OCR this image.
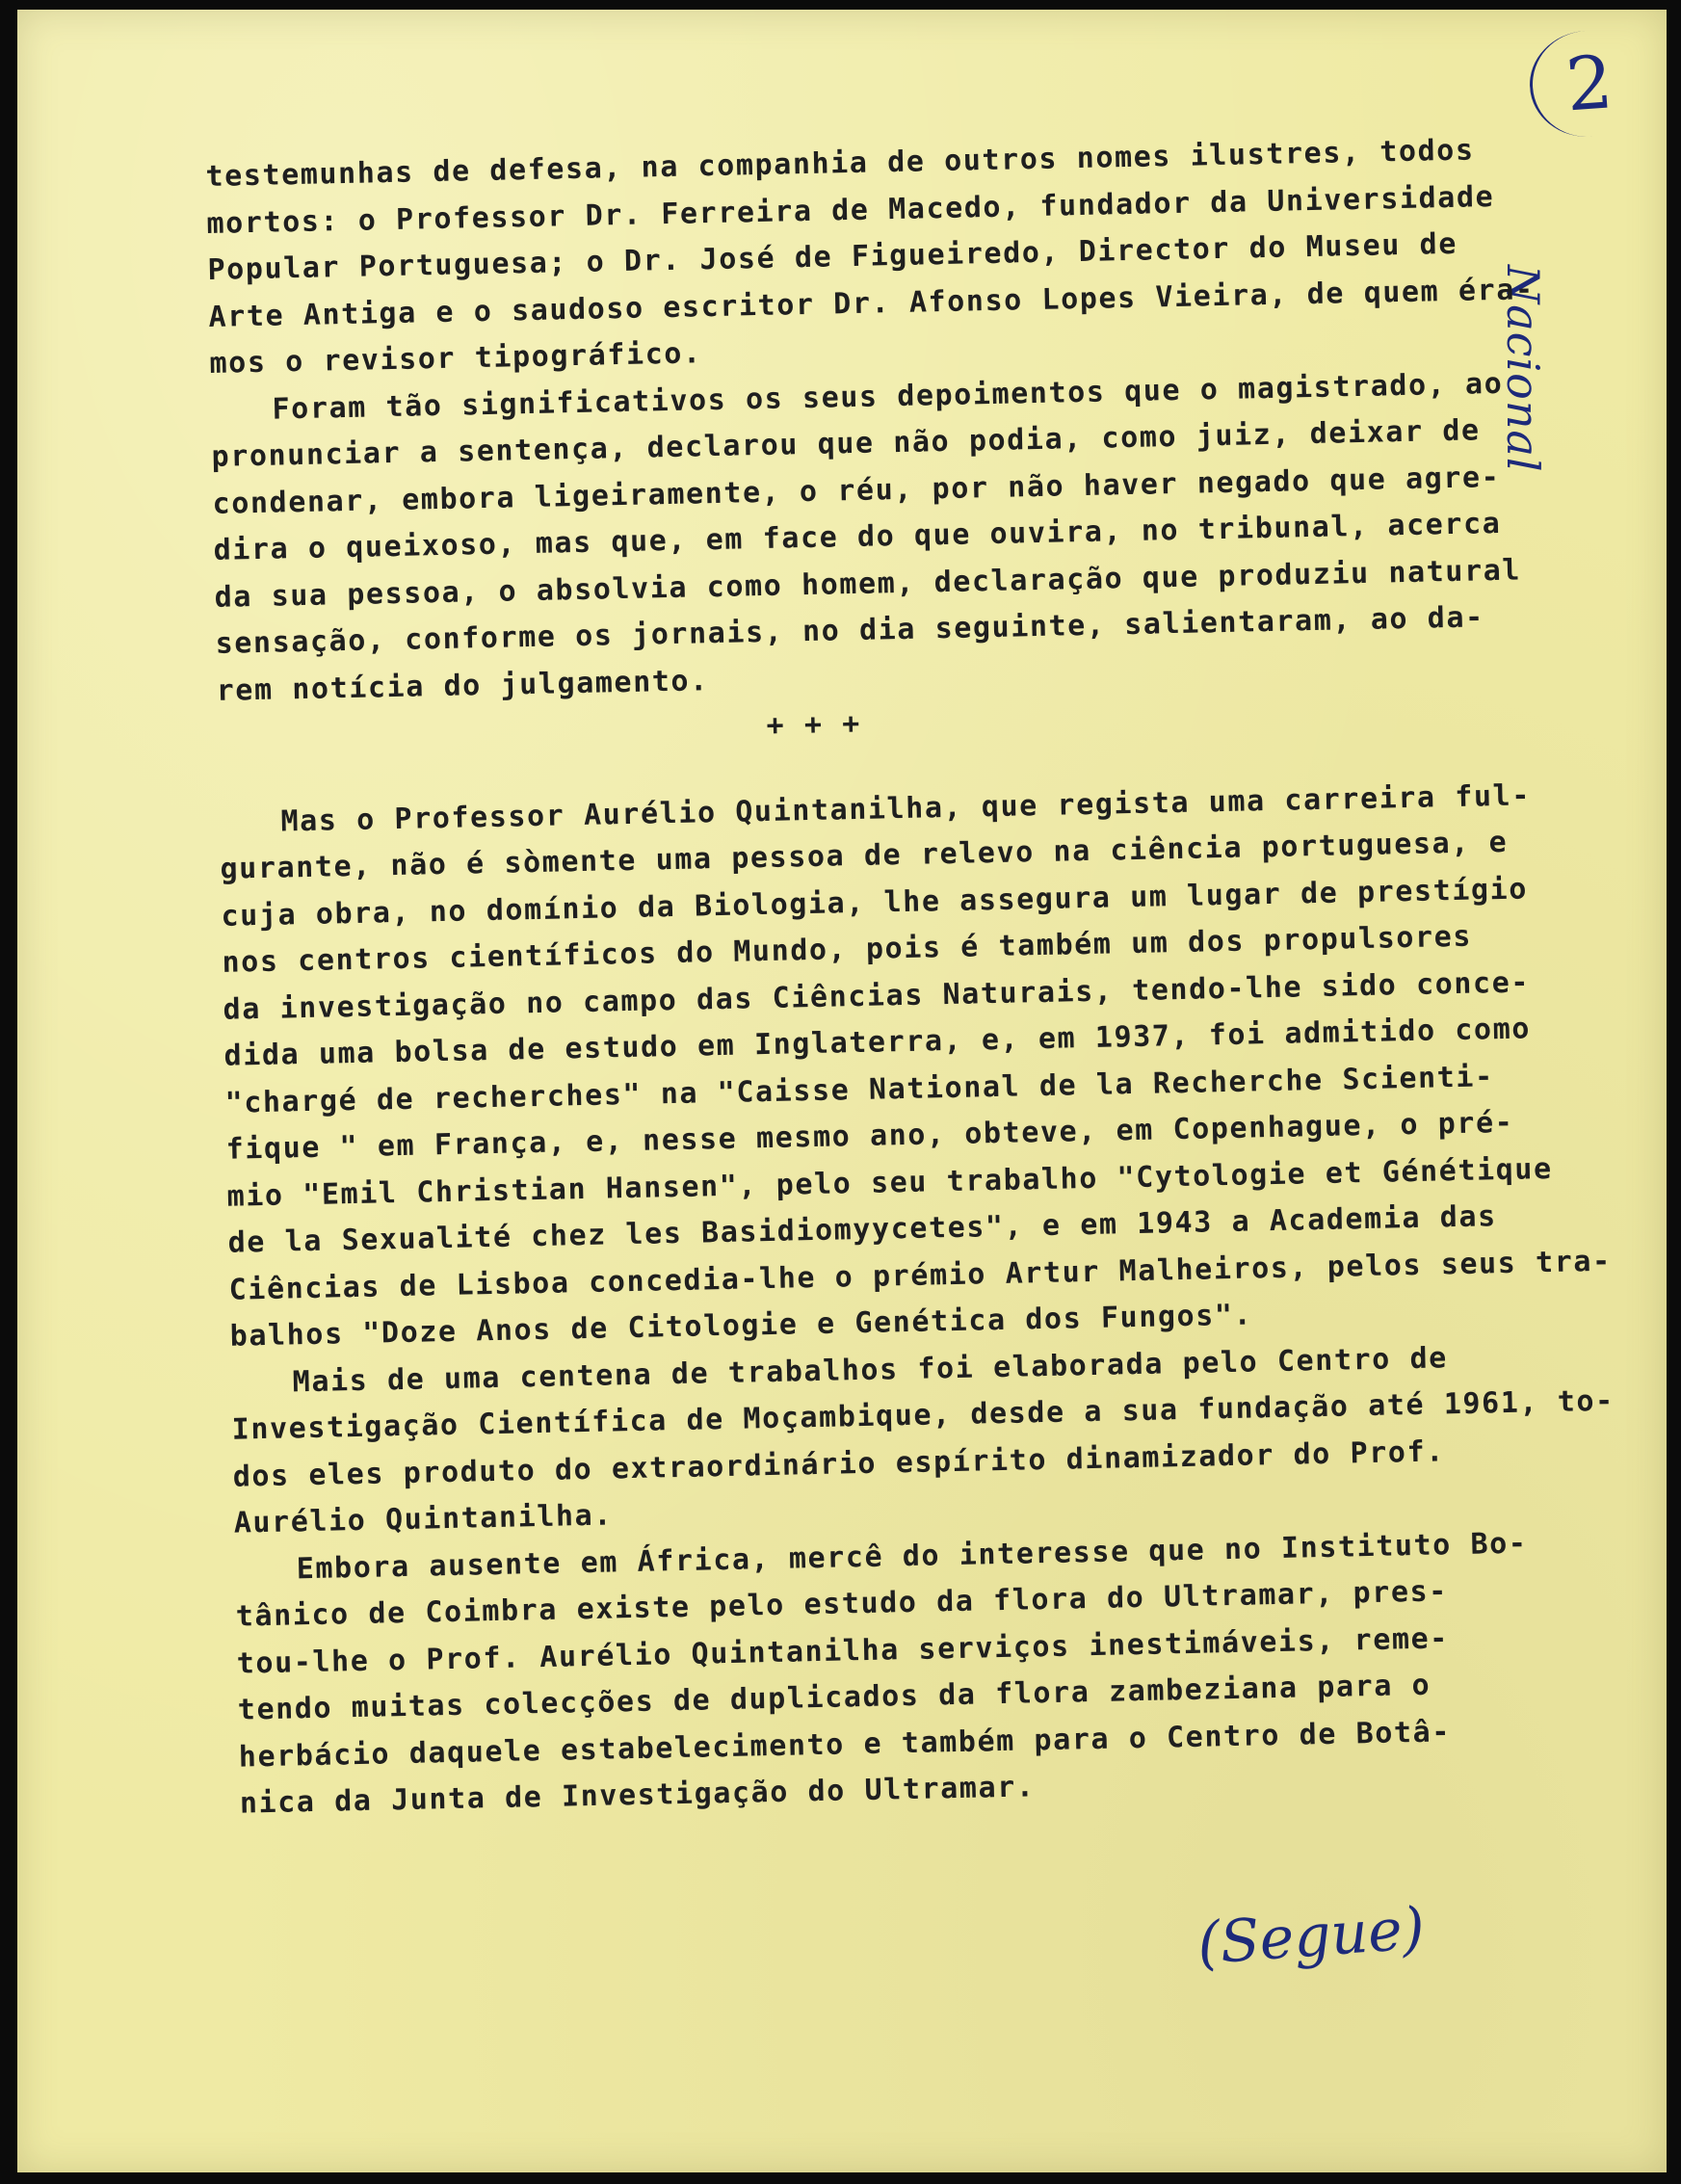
2
Nacional
testemunhas de defesa, na companhia de outros nomes ilustres, todos
mortos: o Professor Dr. Ferreira de Macedo, fundador da Universidade
Popular Portuguesa; o Dr. José de Figueiredo, Director do Museu de
Arte Antiga e o saudoso escritor Dr. Afonso Lopes Vieira, de quem éra-
mos o revisor tipográfico.
Foram tão significativos os seus depoimentos que o magistrado, ao
pronunciar a sentença, declarou que não podia, como juiz, deixar de
condenar, embora ligeiramente, o réu, por não haver negado que agre-
dira o queixoso, mas que, em face do que ouvira, no tribunal, acerca
da sua pessoa, o absolvia como homem, declaração que produziu natural
sensação, conforme os jornais, no dia seguinte, salientaram, ao da-
rem notícia do julgamento.
+ + +
Mas o Professor Aurélio Quintanilha, que regista uma carreira ful-
gurante, não é sòmente uma pessoa de relevo na ciência portuguesa, e
cuja obra, no domínio da Biologia, lhe assegura um lugar de prestígio
nos centros científicos do Mundo, pois é também um dos propulsores
da investigação no campo das Ciências Naturais, tendo-lhe sido conce-
dida uma bolsa de estudo em Inglaterra, e, em 1937, foi admitido como
"chargé de recherches" na "Caisse National de la Recherche Scienti-
fique " em França, e, nesse mesmo ano, obteve, em Copenhague, o pré-
mio "Emil Christian Hansen", pelo seu trabalho "Cytologie et Génétique
de la Sexualité chez les Basidiomyycetes", e em 1943 a Academia das
Ciências de Lisboa concedia-lhe o prémio Artur Malheiros, pelos seus tra-
balhos "Doze Anos de Citologie e Genética dos Fungos".
Mais de uma centena de trabalhos foi elaborada pelo Centro de
Investigação Científica de Moçambique, desde a sua fundação até 1961, to-
dos eles produto do extraordinário espírito dinamizador do Prof.
Aurélio Quintanilha.
Embora ausente em África, mercê do interesse que no Instituto Bo-
tânico de Coimbra existe pelo estudo da flora do Ultramar, pres-
tou-lhe o Prof. Aurélio Quintanilha serviços inestimáveis, reme-
tendo muitas colecções de duplicados da flora zambeziana para o
herbácio daquele estabelecimento e também para o Centro de Botâ-
nica da Junta de Investigação do Ultramar.
(Segue)
